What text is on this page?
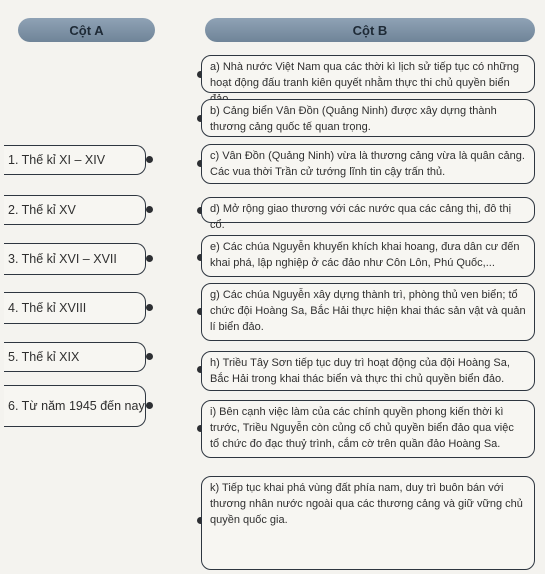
Cột A	Cột B
1. Thế kỉ XI – XIV
2. Thế kỉ XV
3. Thế kỉ XVI – XVII
4. Thế kỉ XVIII
5. Thế kỉ XIX
6. Từ năm 1945 đến nay
a) Nhà nước Việt Nam qua các thời kì lịch sử tiếp tục có những hoạt động đấu tranh kiên quyết nhằm thực thi chủ quyền biển
b) Cảng biển Vân Đồn (Quảng Ninh) được xây dựng thành thương cảng quốc tế quan trọng.
c) Vân Đồn (Quảng Ninh) vừa là thương cảng vừa là quân cảng. Các vua thời Trần cử tướng lĩnh tin cậy trấn thủ.
d) Mở rộng giao thương với các nước qua các cảng thị, đô thị cổ.
e) Các chúa Nguyễn khuyến khích khai hoang, đưa dân cư đến khai phá, lập nghiệp ở các đảo như Côn Lôn, Phú Quốc,...
g) Các chúa Nguyễn xây dựng thành trì, phòng thủ ven biển; tổ chức đội Hoàng Sa, Bắc Hải thực hiện khai thác sản vật và quản lí biển đảo.
h) Triều Tây Sơn tiếp tục duy trì hoạt động của đội Hoàng Sa, Bắc Hải trong khai thác biển và thực thi chủ quyền biển đảo.
i) Bên cạnh việc làm của các chính quyền phong kiến thời kì trước, Triều Nguyễn còn củng cố chủ quyền biển đảo qua việc tổ chức đo đạc thuỷ trình, cắm cờ trên quần đảo Hoàng Sa.
k) Tiếp tục khai phá vùng đất phía nam, duy trì buôn bán với thương nhân nước ngoài qua các thương cảng và giữ vững chủ quyền quốc gia.
